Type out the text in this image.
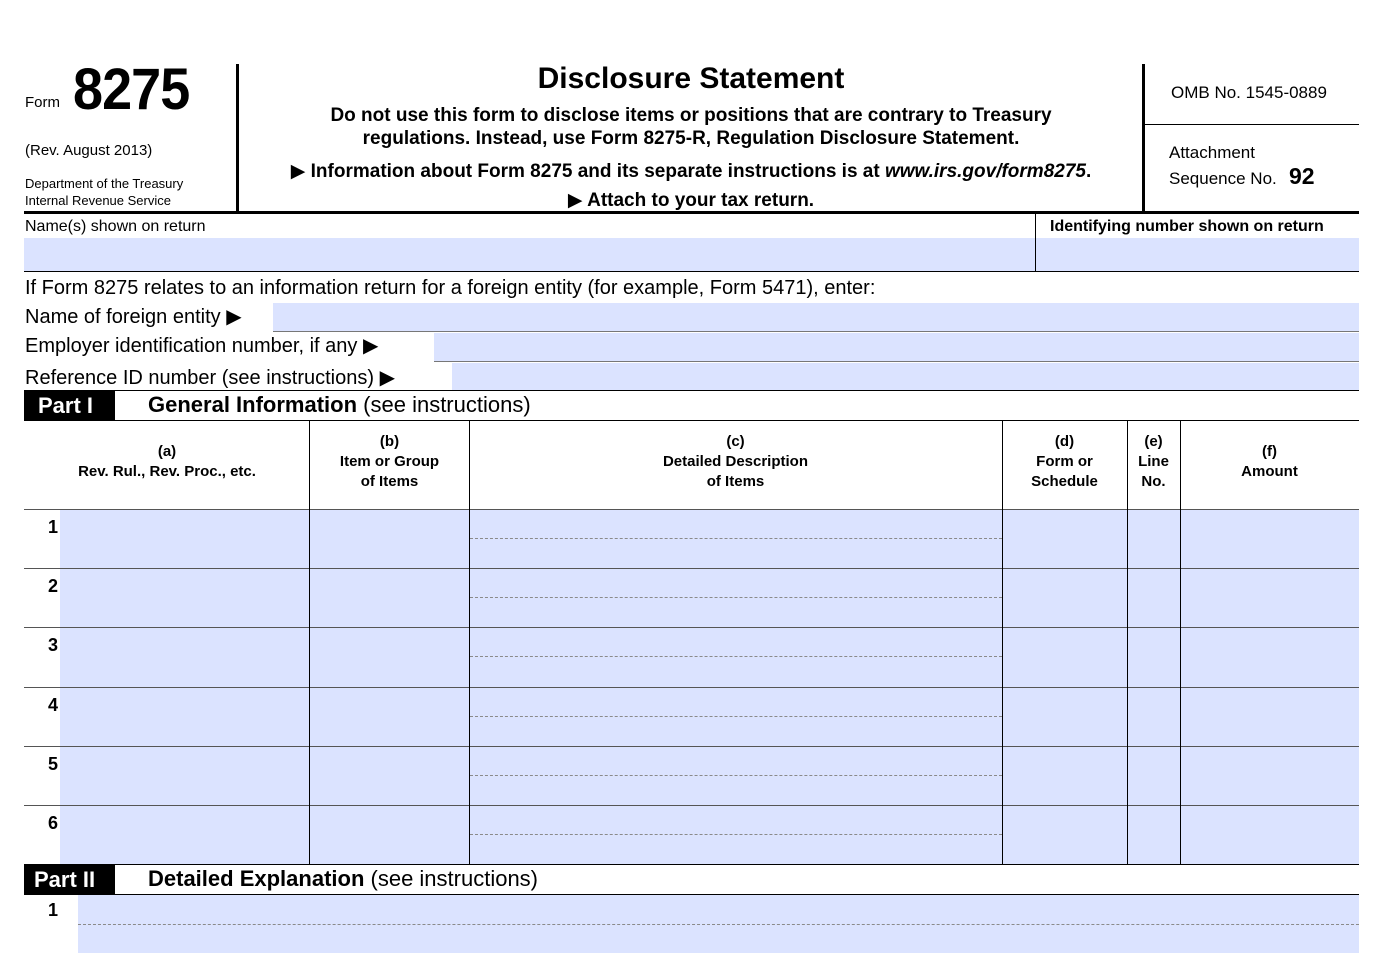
Form 8275
(Rev. August 2013)
Department of the Treasury
Internal Revenue Service
Disclosure Statement
Do not use this form to disclose items or positions that are contrary to Treasury
regulations. Instead, use Form 8275-R, Regulation Disclosure Statement.
▶ Information about Form 8275 and its separate instructions is at www.irs.gov/form8275.
▶ Attach to your tax return.
OMB No. 1545-0889
Attachment
Sequence No. 92
Name(s) shown on return	Identifying number shown on return
If Form 8275 relates to an information return for a foreign entity (for example, Form 5471), enter:
Name of foreign entity ▶
Employer identification number, if any ▶
Reference ID number (see instructions) ▶
Part I General Information (see instructions)
(a)
Rev. Rul., Rev. Proc., etc.
(b)
Item or Group
of Items
(c)
Detailed Description
of Items
(d)
Form or
Schedule
(e)
Line
No.
(f)
Amount
1
2
3
4
5
6
Part II Detailed Explanation (see instructions)
1
